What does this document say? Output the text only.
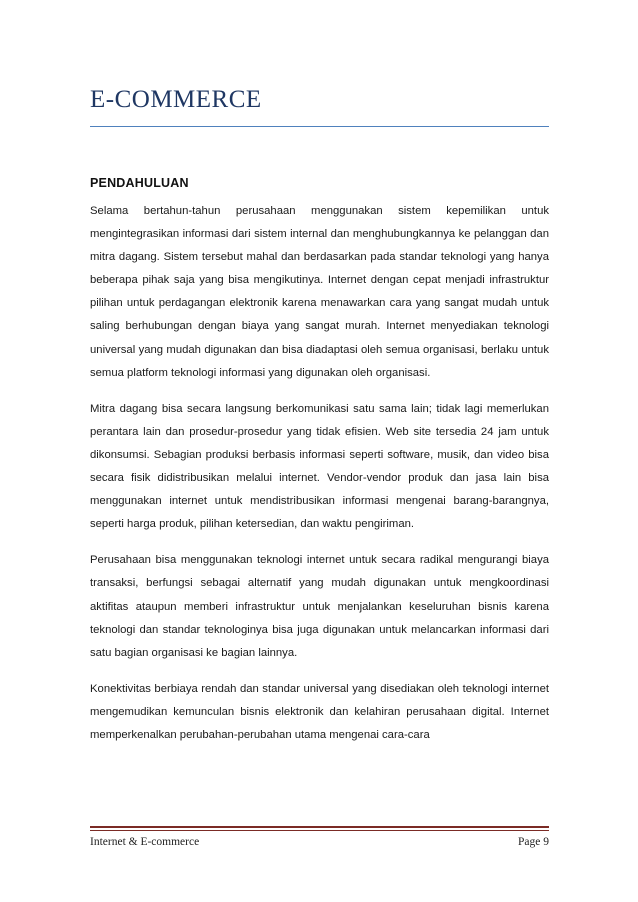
E-COMMERCE
PENDAHULUAN

Selama bertahun-tahun perusahaan menggunakan sistem kepemilikan untuk mengintegrasikan informasi dari sistem internal dan menghubungkannya ke pelanggan dan mitra dagang. Sistem tersebut mahal dan berdasarkan pada standar teknologi yang hanya beberapa pihak saja yang bisa mengikutinya. Internet dengan cepat menjadi infrastruktur pilihan untuk perdagangan elektronik karena menawarkan cara yang sangat mudah untuk saling berhubungan dengan biaya yang sangat murah. Internet menyediakan teknologi universal yang mudah digunakan dan bisa diadaptasi oleh semua organisasi, berlaku untuk semua platform teknologi informasi yang digunakan oleh organisasi.

Mitra dagang bisa secara langsung berkomunikasi satu sama lain; tidak lagi memerlukan perantara lain dan prosedur-prosedur yang tidak efisien. Web site tersedia 24 jam untuk dikonsumsi. Sebagian produksi berbasis informasi seperti software, musik, dan video bisa secara fisik didistribusikan melalui internet. Vendor-vendor produk dan jasa lain bisa menggunakan internet untuk mendistribusikan informasi mengenai barang-barangnya, seperti harga produk, pilihan ketersedian, dan waktu pengiriman.

Perusahaan bisa menggunakan teknologi internet untuk secara radikal mengurangi biaya transaksi, berfungsi sebagai alternatif yang mudah digunakan untuk mengkoordinasi aktifitas ataupun memberi infrastruktur untuk menjalankan keseluruhan bisnis karena teknologi dan standar teknologinya bisa juga digunakan untuk melancarkan informasi dari satu bagian organisasi ke bagian lainnya.

Konektivitas berbiaya rendah dan standar universal yang disediakan oleh teknologi internet mengemudikan kemunculan bisnis elektronik dan kelahiran perusahaan digital. Internet memperkenalkan perubahan-perubahan utama mengenai cara-cara

Internet & E-commerce	Page 9
